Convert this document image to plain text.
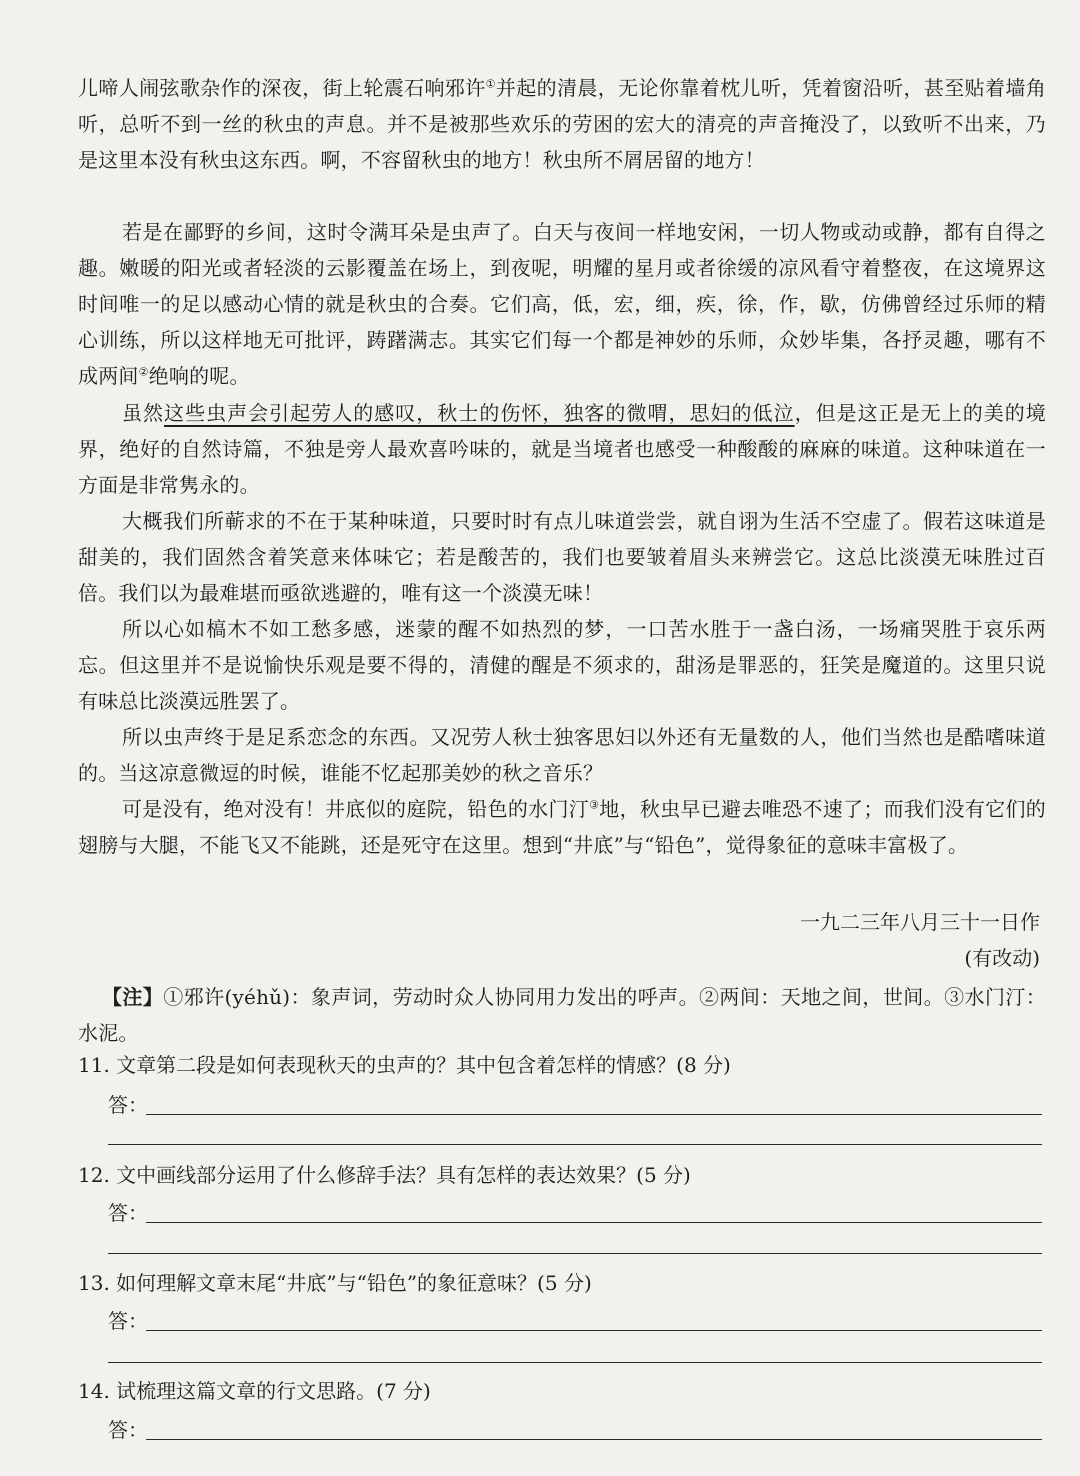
儿啼人闹弦歌杂作的深夜，街上轮震石响邪许①并起的清晨，无论你靠着枕儿听，凭着窗沿听，甚至贴着墙角听，总听不到一丝的秋虫的声息。并不是被那些欢乐的劳困的宏大的清亮的声音掩没了，以致听不出来，乃是这里本没有秋虫这东西。啊，不容留秋虫的地方！秋虫所不屑居留的地方！

若是在鄙野的乡间，这时令满耳朵是虫声了。白天与夜间一样地安闲，一切人物或动或静，都有自得之趣。嫩暖的阳光或者轻淡的云影覆盖在场上，到夜呢，明耀的星月或者徐缓的凉风看守着整夜，在这境界这时间唯一的足以感动心情的就是秋虫的合奏。它们高，低，宏，细，疾，徐，作，歇，仿佛曾经过乐师的精心训练，所以这样地无可批评，踌躇满志。其实它们每一个都是神妙的乐师，众妙毕集，各抒灵趣，哪有不成两间②绝响的呢。

虽然这些虫声会引起劳人的感叹，秋士的伤怀，独客的微喟，思妇的低泣，但是这正是无上的美的境界，绝好的自然诗篇，不独是旁人最欢喜吟味的，就是当境者也感受一种酸酸的麻麻的味道。这种味道在一方面是非常隽永的。

大概我们所蕲求的不在于某种味道，只要时时有点儿味道尝尝，就自诩为生活不空虚了。假若这味道是甜美的，我们固然含着笑意来体味它；若是酸苦的，我们也要皱着眉头来辨尝它。这总比淡漠无味胜过百倍。我们以为最难堪而亟欲逃避的，唯有这一个淡漠无味！

所以心如槁木不如工愁多感，迷蒙的醒不如热烈的梦，一口苦水胜于一盏白汤，一场痛哭胜于哀乐两忘。但这里并不是说愉快乐观是要不得的，清健的醒是不须求的，甜汤是罪恶的，狂笑是魔道的。这里只说有味总比淡漠远胜罢了。

所以虫声终于是足系恋念的东西。又况劳人秋士独客思妇以外还有无量数的人，他们当然也是酷嗜味道的。当这凉意微逗的时候，谁能不忆起那美妙的秋之音乐？

可是没有，绝对没有！井底似的庭院，铅色的水门汀③地，秋虫早已避去唯恐不速了；而我们没有它们的翅膀与大腿，不能飞又不能跳，还是死守在这里。想到“井底”与“铅色”，觉得象征的意味丰富极了。

一九二三年八月三十一日作

(有改动)

【注】①邪许(yéhǔ)：象声词，劳动时众人协同用力发出的呼声。②两间：天地之间，世间。③水门汀：水泥。

11. 文章第二段是如何表现秋天的虫声的？其中包含着怎样的情感？(8 分)

答：

12. 文中画线部分运用了什么修辞手法？具有怎样的表达效果？(5 分)

答：

13. 如何理解文章末尾“井底”与“铅色”的象征意味？(5 分)

答：

14. 试梳理这篇文章的行文思路。(7 分)

答：
